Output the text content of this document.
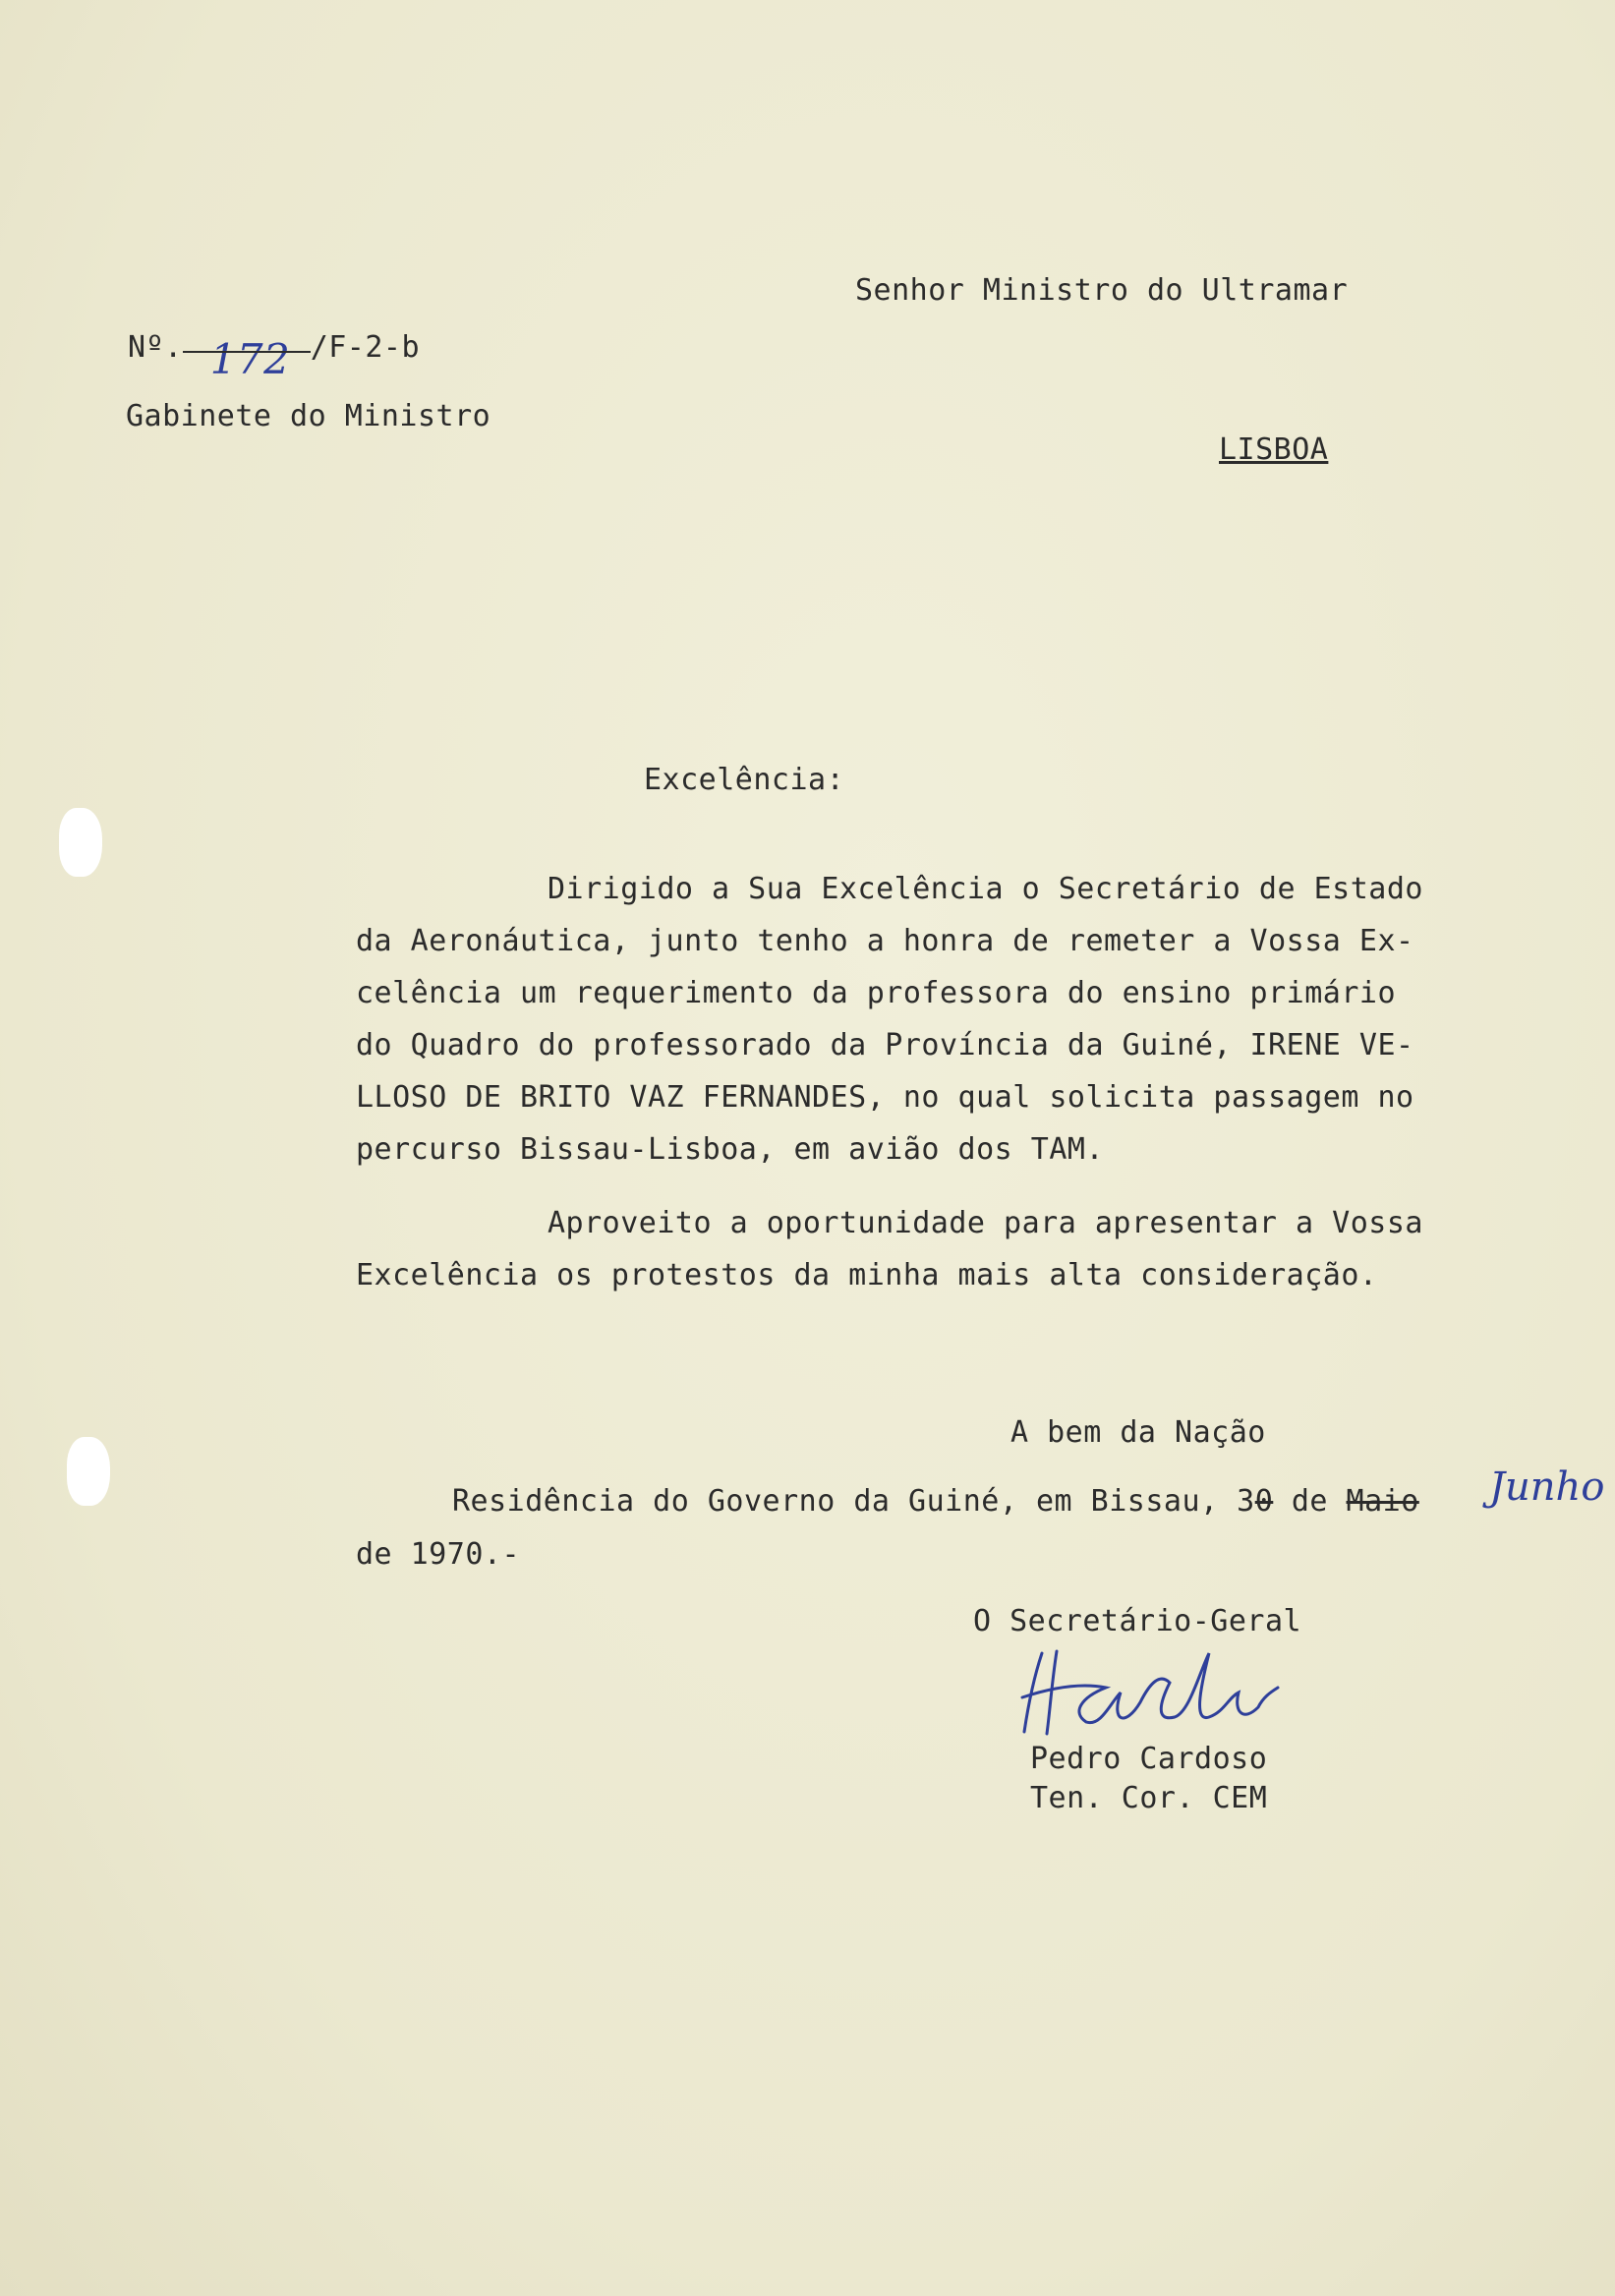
Senhor Ministro do Ultramar
Nº. 172 /F-2-b
Gabinete do Ministro
LISBOA
Excelência:
Dirigido a Sua Excelência o Secretário de Estado
da Aeronáutica, junto tenho a honra de remeter a Vossa Ex-
celência um requerimento da professora do ensino primário
do Quadro do professorado da Província da Guiné, IRENE VE-
LLOSO DE BRITO VAZ FERNANDES, no qual solicita passagem no
percurso Bissau-Lisboa, em avião dos TAM.
Aproveito a oportunidade para apresentar a Vossa
Excelência os protestos da minha mais alta consideração.
A bem da Nação
Residência do Governo da Guiné, em Bissau, 30 de Maio Junho
de 1970.-
O Secretário-Geral
Pedro Cardoso
Ten. Cor. CEM
